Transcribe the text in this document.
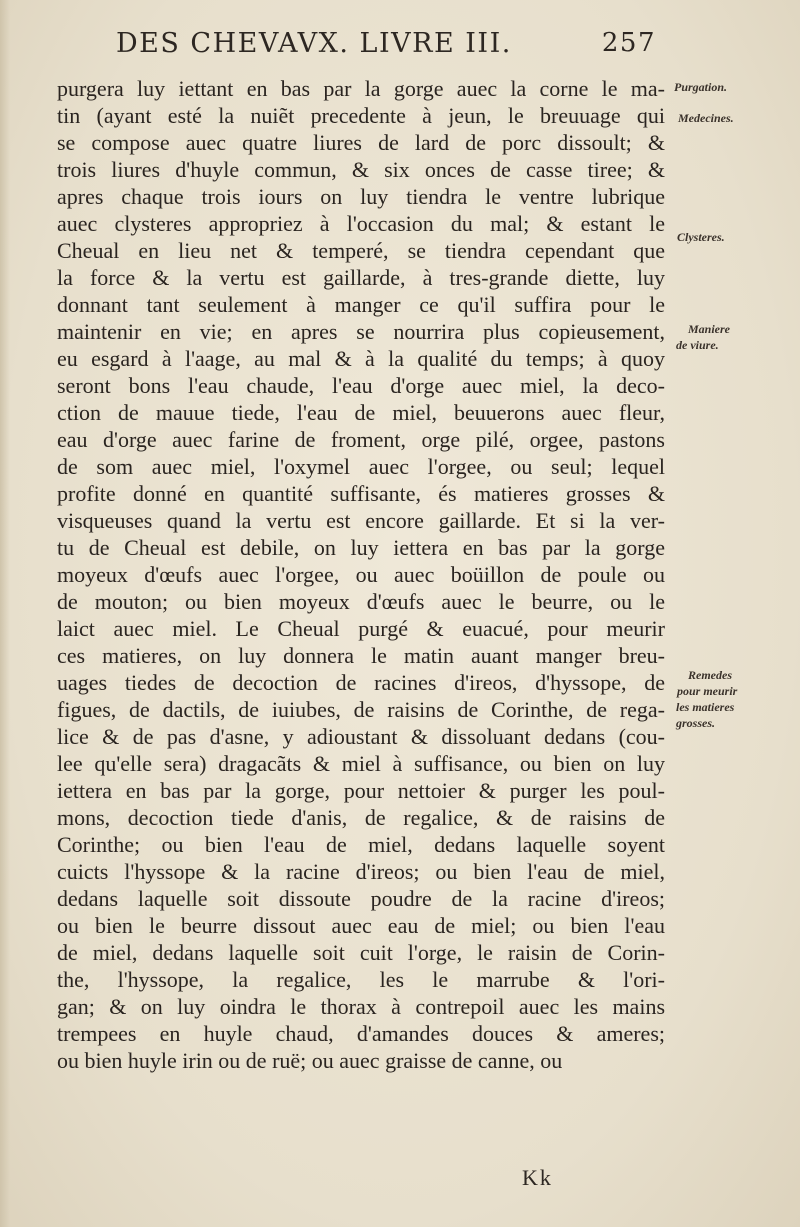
DES CHEVAVX. LIVRE III.	257
purgera luy iettant en bas par la gorge auec la corne le ma-
tin (ayant esté la nuiẽt precedente à jeun, le breuuage qui
se compose auec quatre liures de lard de porc dissoult; &
trois liures d'huyle commun, & six onces de casse tiree; &
apres chaque trois iours on luy tiendra le ventre lubrique
auec clysteres appropriez à l'occasion du mal; & estant le
Cheual en lieu net & temperé, se tiendra cependant que
la force & la vertu est gaillarde, à tres-grande diette, luy
donnant tant seulement à manger ce qu'il suffira pour le
maintenir en vie; en apres se nourrira plus copieusement,
eu esgard à l'aage, au mal & à la qualité du temps; à quoy
seront bons l'eau chaude, l'eau d'orge auec miel, la deco-
ction de mauue tiede, l'eau de miel, beuuerons auec fleur,
eau d'orge auec farine de froment, orge pilé, orgee, pastons
de som auec miel, l'oxymel auec l'orgee, ou seul; lequel
profite donné en quantité suffisante, és matieres grosses &
visqueuses quand la vertu est encore gaillarde. Et si la ver-
tu de Cheual est debile, on luy iettera en bas par la gorge
moyeux d'œufs auec l'orgee, ou auec boüillon de poule ou
de mouton; ou bien moyeux d'œufs auec le beurre, ou le
laict auec miel. Le Cheual purgé & euacué, pour meurir
ces matieres, on luy donnera le matin auant manger breu-
uages tiedes de decoction de racines d'ireos, d'hyssope, de
figues, de dactils, de iuiubes, de raisins de Corinthe, de rega-
lice & de pas d'asne, y adioustant & dissoluant dedans (cou-
lee qu'elle sera) dragacãts & miel à suffisance, ou bien on luy
iettera en bas par la gorge, pour nettoier & purger les poul-
mons, decoction tiede d'anis, de regalice, & de raisins de
Corinthe; ou bien l'eau de miel, dedans laquelle soyent
cuicts l'hyssope & la racine d'ireos; ou bien l'eau de miel,
dedans laquelle soit dissoute poudre de la racine d'ireos;
ou bien le beurre dissout auec eau de miel; ou bien l'eau
de miel, dedans laquelle soit cuit l'orge, le raisin de Corin-
the, l'hyssope, la regalice, les le marrube & l'ori-
gan; & on luy oindra le thorax à contrepoil auec les mains
trempees en huyle chaud, d'amandes douces & ameres;
ou bien huyle irin ou de ruë; ou auec graisse de canne, ou
Purgation.
Medecines.
Clysteres.
Maniere
de viure.
Remedes
pour meurir
les matieres
grosses.
Kk
